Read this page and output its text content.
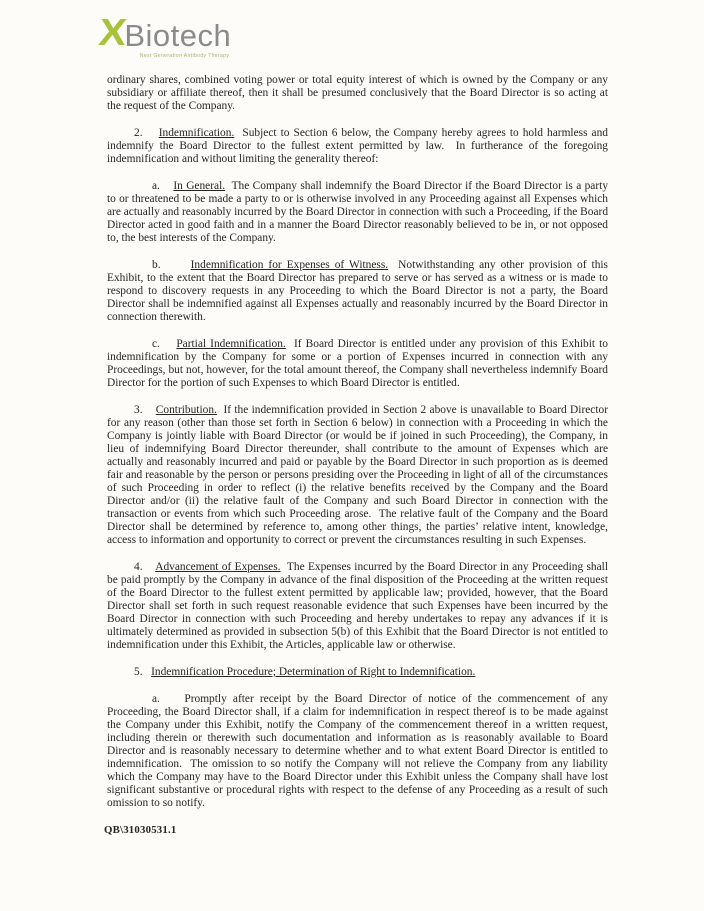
X
Biotech
Next Generation Antibody Therapy

ordinary shares, combined voting power or total equity interest of which is owned by the Company or any subsidiary or affiliate thereof, then it shall be presumed conclusively that the Board Director is so acting at the request of the Company.

2.    Indemnification.  Subject to Section 6 below, the Company hereby agrees to hold harmless and indemnify the Board Director to the fullest extent permitted by law.  In furtherance of the foregoing indemnification and without limiting the generality thereof:

a.    In General.  The Company shall indemnify the Board Director if the Board Director is a party to or threatened to be made a party to or is otherwise involved in any Proceeding against all Expenses which are actually and reasonably incurred by the Board Director in connection with such a Proceeding, if the Board Director acted in good faith and in a manner the Board Director reasonably believed to be in, or not opposed to, the best interests of the Company.

b.      Indemnification for Expenses of Witness.  Notwithstanding any other provision of this Exhibit, to the extent that the Board Director has prepared to serve or has served as a witness or is made to respond to discovery requests in any Proceeding to which the Board Director is not a party, the Board Director shall be indemnified against all Expenses actually and reasonably incurred by the Board Director in connection therewith.

c.    Partial Indemnification.  If Board Director is entitled under any provision of this Exhibit to indemnification by the Company for some or a portion of Expenses incurred in connection with any Proceedings, but not, however, for the total amount thereof, the Company shall nevertheless indemnify Board Director for the portion of such Expenses to which Board Director is entitled.

3.    Contribution.  If the indemnification provided in Section 2 above is unavailable to Board Director for any reason (other than those set forth in Section 6 below) in connection with a Proceeding in which the Company is jointly liable with Board Director (or would be if joined in such Proceeding), the Company, in lieu of indemnifying Board Director thereunder, shall contribute to the amount of Expenses which are actually and reasonably incurred and paid or payable by the Board Director in such proportion as is deemed fair and reasonable by the person or persons presiding over the Proceeding in light of all of the circumstances of such Proceeding in order to reflect (i) the relative benefits received by the Company and the Board Director and/or (ii) the relative fault of the Company and such Board Director in connection with the transaction or events from which such Proceeding arose.  The relative fault of the Company and the Board Director shall be determined by reference to, among other things, the parties’ relative intent, knowledge, access to information and opportunity to correct or prevent the circumstances resulting in such Expenses.

4.    Advancement of Expenses.  The Expenses incurred by the Board Director in any Proceeding shall be paid promptly by the Company in advance of the final disposition of the Proceeding at the written request of the Board Director to the fullest extent permitted by applicable law; provided, however, that the Board Director shall set forth in such request reasonable evidence that such Expenses have been incurred by the Board Director in connection with such Proceeding and hereby undertakes to repay any advances if it is ultimately determined as provided in subsection 5(b) of this Exhibit that the Board Director is not entitled to indemnification under this Exhibit, the Articles, applicable law or otherwise.

5.   Indemnification Procedure; Determination of Right to Indemnification.

a.    Promptly after receipt by the Board Director of notice of the commencement of any Proceeding, the Board Director shall, if a claim for indemnification in respect thereof is to be made against the Company under this Exhibit, notify the Company of the commencement thereof in a written request, including therein or therewith such documentation and information as is reasonably available to Board Director and is reasonably necessary to determine whether and to what extent Board Director is entitled to indemnification.  The omission to so notify the Company will not relieve the Company from any liability which the Company may have to the Board Director under this Exhibit unless the Company shall have lost significant substantive or procedural rights with respect to the defense of any Proceeding as a result of such omission to so notify.

QB\31030531.1
